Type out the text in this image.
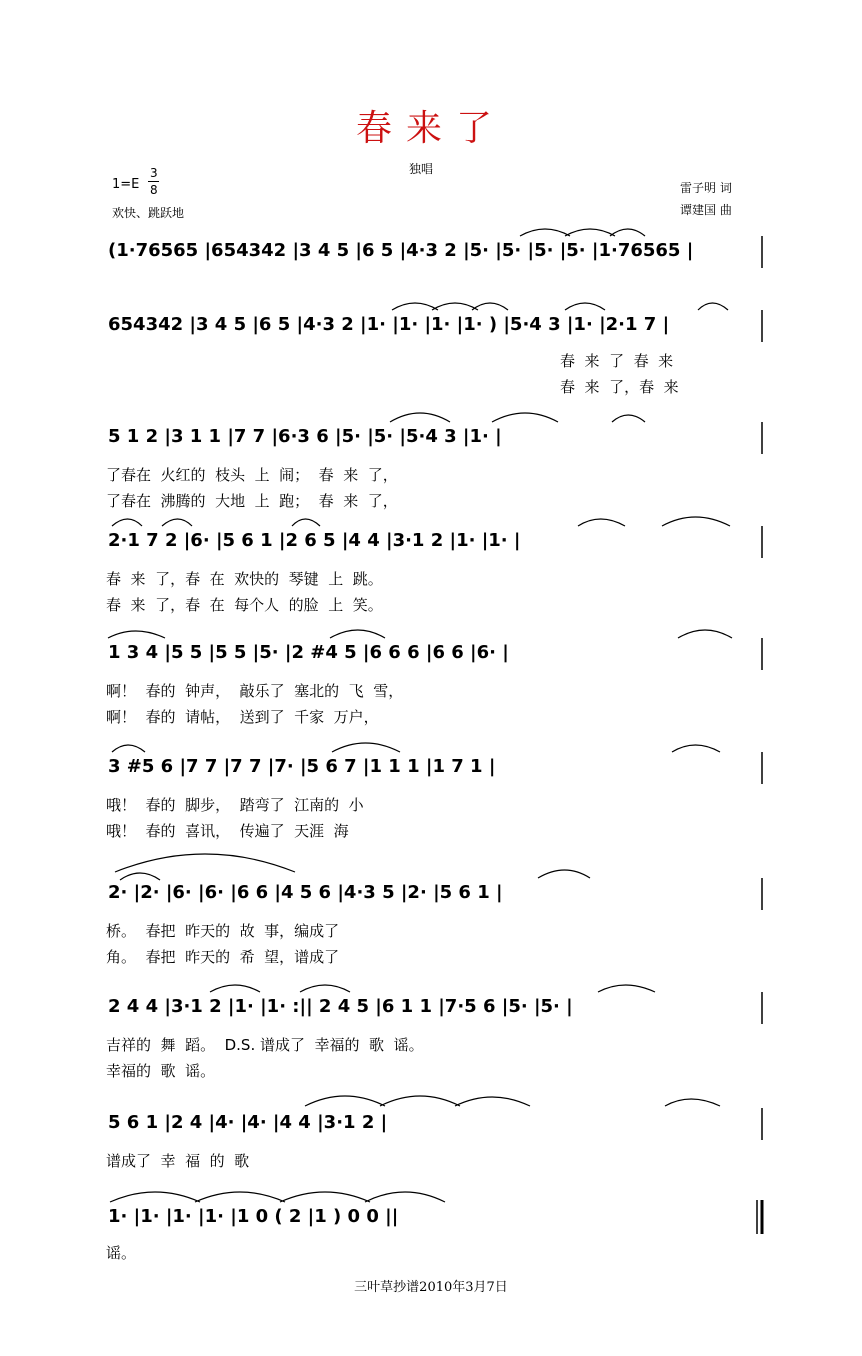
春来了
独唱
1=E
3
8
欢快、跳跃地
雷子明 词
谭建国 曲
(1·76565 |654342 |3 4 5 |6 5 |4·3 2 |5· |5· |5· |5· |1·76565 |
654342 |3 4 5 |6 5 |4·3 2 |1· |1· |1· |1· ) |5·4 3 |1· |2·1 7 |
春  来  了  春  来
春  来  了，春  来
5 1 2 |3 1 1 |7 7 |6·3 6 |5· |5· |5·4 3 |1· |
了春在  火红的  枝头  上  闹；  春  来  了，
了春在  沸腾的  大地  上  跑；  春  来  了，
2·1 7 2 |6· |5 6 1 |2 6 5 |4 4 |3·1 2 |1· |1· |
春  来  了，春  在  欢快的  琴键  上  跳。
春  来  了，春  在  每个人  的脸  上  笑。
1 3 4 |5 5 |5 5 |5· |2 #4 5 |6 6 6 |6 6 |6· |
啊！  春的  钟声，  敲乐了  塞北的  飞  雪，
啊！  春的  请帖，  送到了  千家  万户，
3 #5 6 |7 7 |7 7 |7· |5 6 7 |1 1 1 |1 7 1 |
哦！  春的  脚步，  踏弯了  江南的  小
哦！  春的  喜讯，  传遍了  天涯  海
2· |2· |6· |6· |6 6 |4 5 6 |4·3 5 |2· |5 6 1 |
桥。  春把  昨天的  故  事，编成了
角。  春把  昨天的  希  望，谱成了
2 4 4 |3·1 2 |1· |1· :|| 2 4 5 |6 1 1 |7·5 6 |5· |5· |
吉祥的  舞  蹈。  D.S. 谱成了  幸福的  歌  谣。
幸福的  歌  谣。
5 6 1 |2 4 |4· |4· |4 4 |3·1 2 |
谱成了  幸  福  的  歌
1· |1· |1· |1· |1 0 ( 2 |1 ) 0 0 ||
谣。
三叶草抄谱2010年3月7日
